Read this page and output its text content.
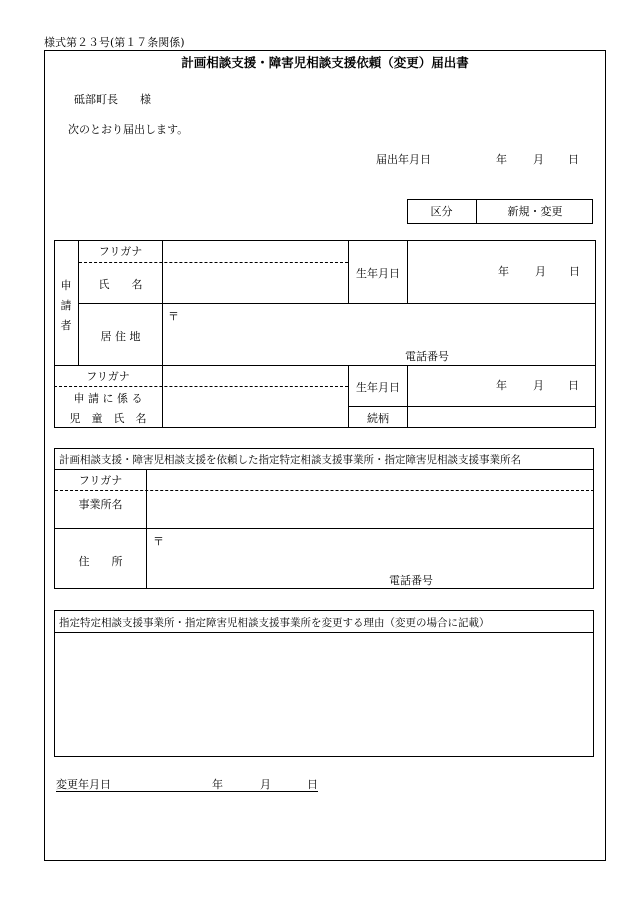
様式第２３号(第１７条関係)
計画相談支援・障害児相談支援依頼（変更）届出書
砥部町長　　様
次のとおり届出します。
届出年月日	年 月 日
区分	新規・変更
申
請
者
フリガナ
氏　　名
生年月日	年 月 日
居 住 地
〒
電話番号
フリガナ
申 請 に 係 る
児　童　氏　名
生年月日	年 月 日
続柄
計画相談支援・障害児相談支援を依頼した指定特定相談支援事業所・指定障害児相談支援事業所名
フリガナ
事業所名
住　　所
〒
電話番号
指定特定相談支援事業所・指定障害児相談支援事業所を変更する理由（変更の場合に記載）
変更年月日	年	月	日
